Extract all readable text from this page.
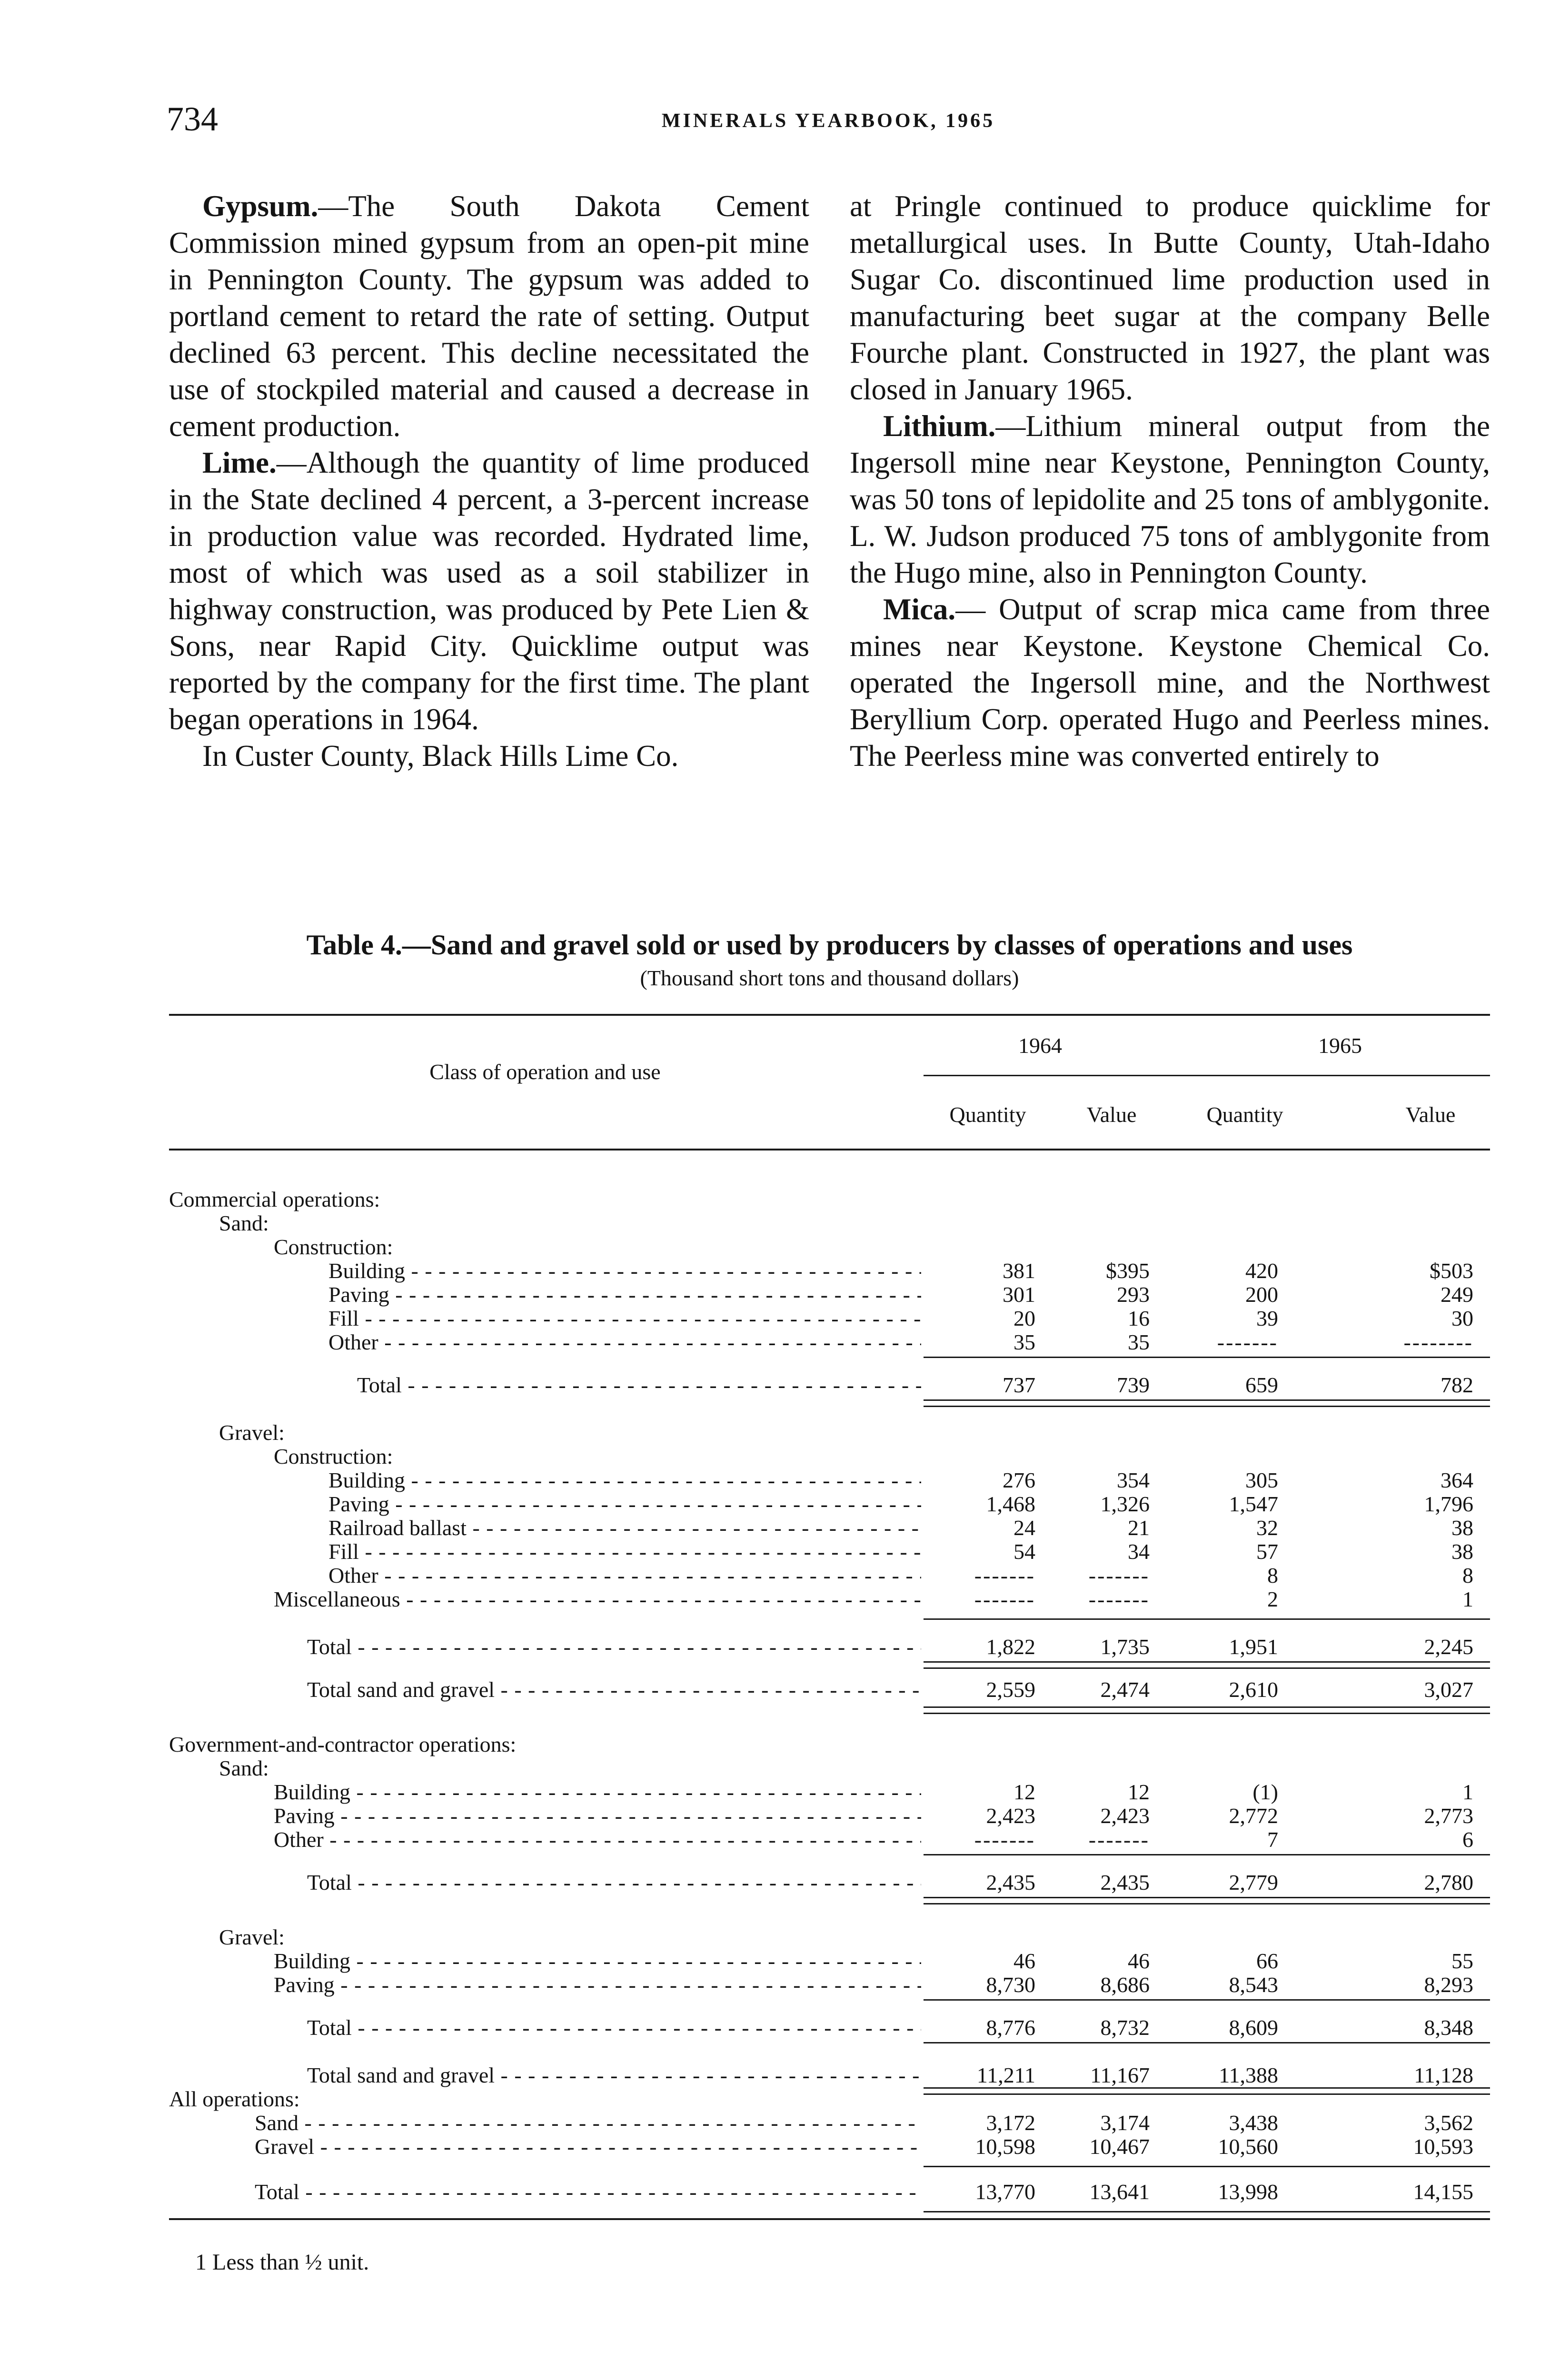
734	MINERALS YEARBOOK, 1965

Gypsum.—The South Dakota Cement Commission mined gypsum from an open-pit mine in Pennington County. The gypsum was added to portland cement to retard the rate of setting. Output declined 63 percent. This decline necessitated the use of stockpiled material and caused a decrease in cement production.

Lime.—Although the quantity of lime produced in the State declined 4 percent, a 3-percent increase in production value was recorded. Hydrated lime, most of which was used as a soil stabilizer in highway construction, was produced by Pete Lien & Sons, near Rapid City. Quicklime output was reported by the company for the first time. The plant began operations in 1964.

In Custer County, Black Hills Lime Co.

at Pringle continued to produce quicklime for metallurgical uses. In Butte County, Utah-Idaho Sugar Co. discontinued lime production used in manufacturing beet sugar at the company Belle Fourche plant. Constructed in 1927, the plant was closed in January 1965.

Lithium.—Lithium mineral output from the Ingersoll mine near Keystone, Pennington County, was 50 tons of lepidolite and 25 tons of amblygonite. L. W. Judson produced 75 tons of amblygonite from the Hugo mine, also in Pennington County.

Mica.— Output of scrap mica came from three mines near Keystone. Keystone Chemical Co. operated the Ingersoll mine, and the Northwest Beryllium Corp. operated Hugo and Peerless mines. The Peerless mine was converted entirely to

Table 4.—Sand and gravel sold or used by producers by classes of operations and uses
(Thousand short tons and thousand dollars)
Class of operation and use
1964	1965
Quantity	Value	Quantity	Value
Commercial operations:
Sand:
Construction:
Building - - -	381	$395	420	$503
Paving - - -	301	293	200	249
Fill - - -	20	16	39	30
Other - - -	35	35	-------	--------
Total - - -	737	739	659	782
Gravel:
Construction:
Building - - -	276	354	305	364
Paving - - -	1,468	1,326	1,547	1,796
Railroad ballast - - -	24	21	32	38
Fill - - -	54	34	57	38
Other - - -	-------	-------	8	8
Miscellaneous - - -	-------	-------	2	1
Total - - -	1,822	1,735	1,951	2,245
Total sand and gravel - - -	2,559	2,474	2,610	3,027
Government-and-contractor operations:
Sand:
Building - - -	12	12	(1)	1
Paving - - -	2,423	2,423	2,772	2,773
Other - - -	-------	-------	7	6
Total - - -	2,435	2,435	2,779	2,780
Gravel:
Building - - -	46	46	66	55
Paving - - -	8,730	8,686	8,543	8,293
Total - - -	8,776	8,732	8,609	8,348
Total sand and gravel - - -	11,211	11,167	11,388	11,128
All operations:
Sand - - -	3,172	3,174	3,438	3,562
Gravel - - -	10,598	10,467	10,560	10,593
Total - - -	13,770	13,641	13,998	14,155
1 Less than ½ unit.
